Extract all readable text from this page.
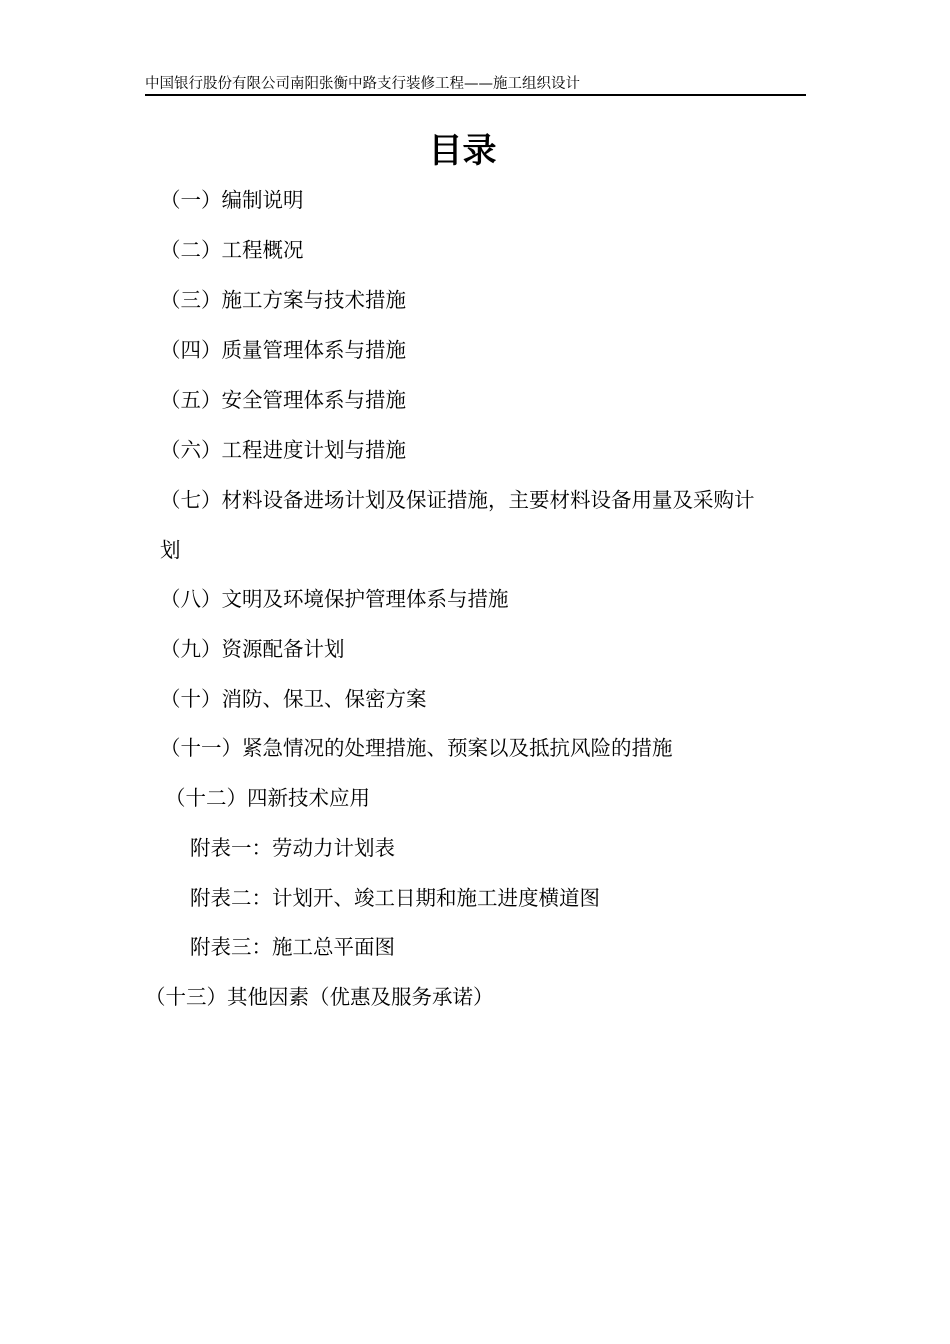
中国银行股份有限公司南阳张衡中路支行装修工程——施工组织设计
目录
（一）编制说明
（二）工程概况
（三）施工方案与技术措施
（四）质量管理体系与措施
（五）安全管理体系与措施
（六）工程进度计划与措施
（七）材料设备进场计划及保证措施，主要材料设备用量及采购计
划
（八）文明及环境保护管理体系与措施
（九）资源配备计划
（十）消防、保卫、保密方案
（十一）紧急情况的处理措施、预案以及抵抗风险的措施
（十二）四新技术应用
附表一：劳动力计划表
附表二：计划开、竣工日期和施工进度横道图
附表三：施工总平面图
（十三）其他因素（优惠及服务承诺）
